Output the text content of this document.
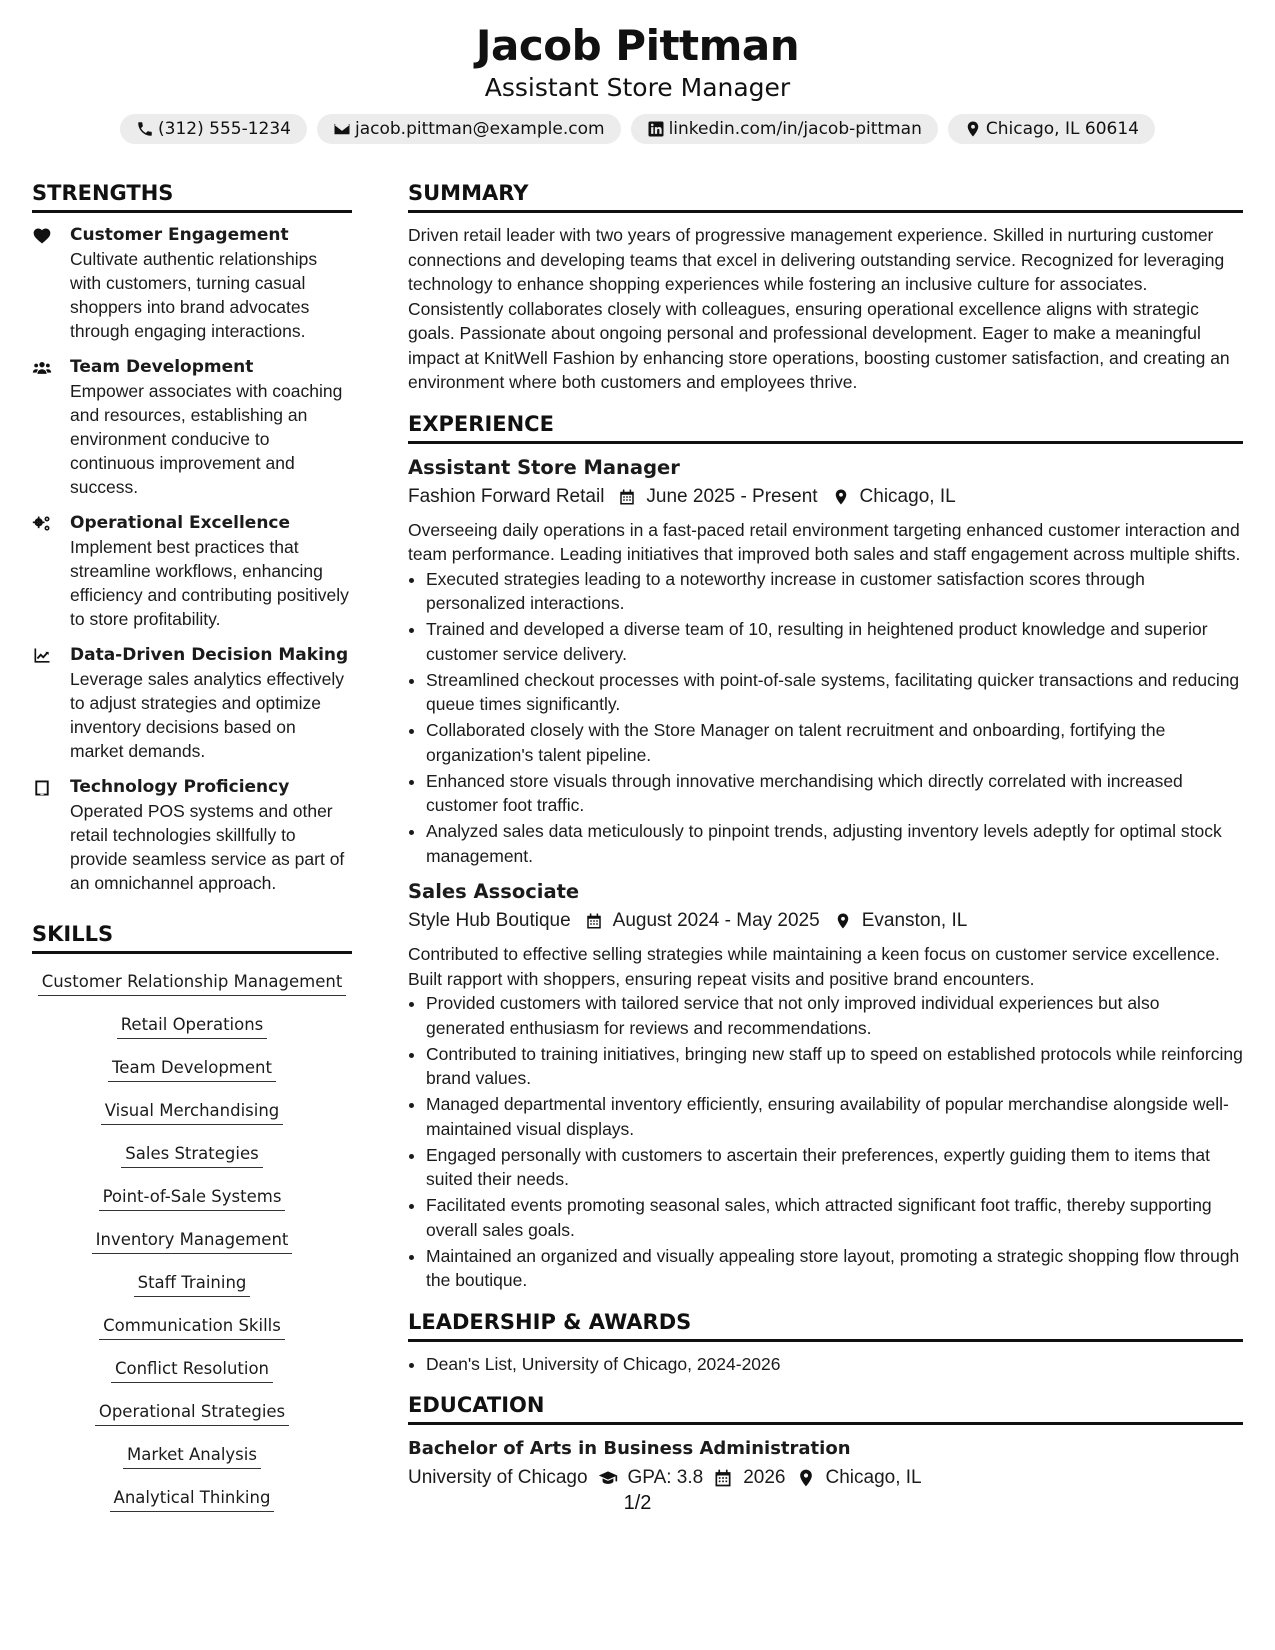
Jacob Pittman
Assistant Store Manager
(312) 555-1234	jacob.pittman@example.com	linkedin.com/in/jacob-pittman	Chicago, IL 60614
STRENGTHS
Customer Engagement
Cultivate authentic relationships with customers, turning casual shoppers into brand advocates through engaging interactions.
Team Development
Empower associates with coaching and resources, establishing an environment conducive to continuous improvement and success.
Operational Excellence
Implement best practices that streamline workflows, enhancing efficiency and contributing positively to store profitability.
Data-Driven Decision Making
Leverage sales analytics effectively to adjust strategies and optimize inventory decisions based on market demands.
Technology Proficiency
Operated POS systems and other retail technologies skillfully to provide seamless service as part of an omnichannel approach.
SKILLS
Customer Relationship Management
Retail Operations
Team Development
Visual Merchandising
Sales Strategies
Point-of-Sale Systems
Inventory Management
Staff Training
Communication Skills
Conflict Resolution
Operational Strategies
Market Analysis
Analytical Thinking
SUMMARY
Driven retail leader with two years of progressive management experience. Skilled in nurturing customer connections and developing teams that excel in delivering outstanding service. Recognized for leveraging technology to enhance shopping experiences while fostering an inclusive culture for associates. Consistently collaborates closely with colleagues, ensuring operational excellence aligns with strategic goals. Passionate about ongoing personal and professional development. Eager to make a meaningful impact at KnitWell Fashion by enhancing store operations, boosting customer satisfaction, and creating an environment where both customers and employees thrive.
EXPERIENCE
Assistant Store Manager
Fashion Forward Retail June 2025 - Present Chicago, IL
Overseeing daily operations in a fast-paced retail environment targeting enhanced customer interaction and team performance. Leading initiatives that improved both sales and staff engagement across multiple shifts.
• Executed strategies leading to a noteworthy increase in customer satisfaction scores through personalized interactions.
• Trained and developed a diverse team of 10, resulting in heightened product knowledge and superior customer service delivery.
• Streamlined checkout processes with point-of-sale systems, facilitating quicker transactions and reducing queue times significantly.
• Collaborated closely with the Store Manager on talent recruitment and onboarding, fortifying the organization's talent pipeline.
• Enhanced store visuals through innovative merchandising which directly correlated with increased customer foot traffic.
• Analyzed sales data meticulously to pinpoint trends, adjusting inventory levels adeptly for optimal stock management.
Sales Associate
Style Hub Boutique August 2024 - May 2025 Evanston, IL
Contributed to effective selling strategies while maintaining a keen focus on customer service excellence. Built rapport with shoppers, ensuring repeat visits and positive brand encounters.
• Provided customers with tailored service that not only improved individual experiences but also generated enthusiasm for reviews and recommendations.
• Contributed to training initiatives, bringing new staff up to speed on established protocols while reinforcing brand values.
• Managed departmental inventory efficiently, ensuring availability of popular merchandise alongside well-maintained visual displays.
• Engaged personally with customers to ascertain their preferences, expertly guiding them to items that suited their needs.
• Facilitated events promoting seasonal sales, which attracted significant foot traffic, thereby supporting overall sales goals.
• Maintained an organized and visually appealing store layout, promoting a strategic shopping flow through the boutique.
LEADERSHIP & AWARDS
• Dean's List, University of Chicago, 2024-2026
EDUCATION
Bachelor of Arts in Business Administration
University of Chicago GPA: 3.8 2026 Chicago, IL
1/2
